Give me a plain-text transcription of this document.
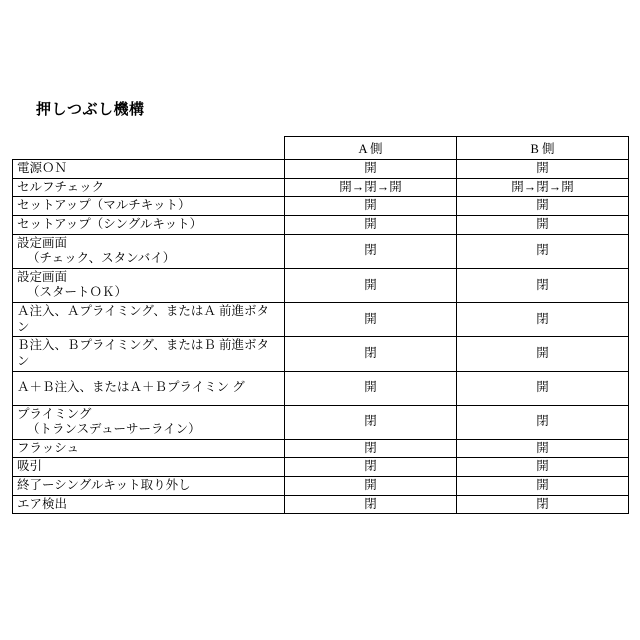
押しつぶし機構
	A 側	B 側
電源ＯＮ	開	開
セルフチェック	開→閉→開	開→閉→開
セットアップ（マルチキット）	開	開
セットアップ（シングルキット）	開	開
設定画面
（チェック、スタンバイ）	閉	閉
設定画面
（スタートＯＫ）	開	閉
Ａ注入、Ａプライミング、またはＡ 前進ボタン	開	閉
Ｂ注入、Ｂプライミング、またはＢ 前進ボタン	閉	開
Ａ＋Ｂ注入、またはＡ＋Ｂプライミン グ	開	開
プライミング
（トランスデューサーライン）	閉	閉
フラッシュ	閉	開
吸引	閉	開
終了ーシングルキット取り外し	開	開
エア検出	閉	閉
